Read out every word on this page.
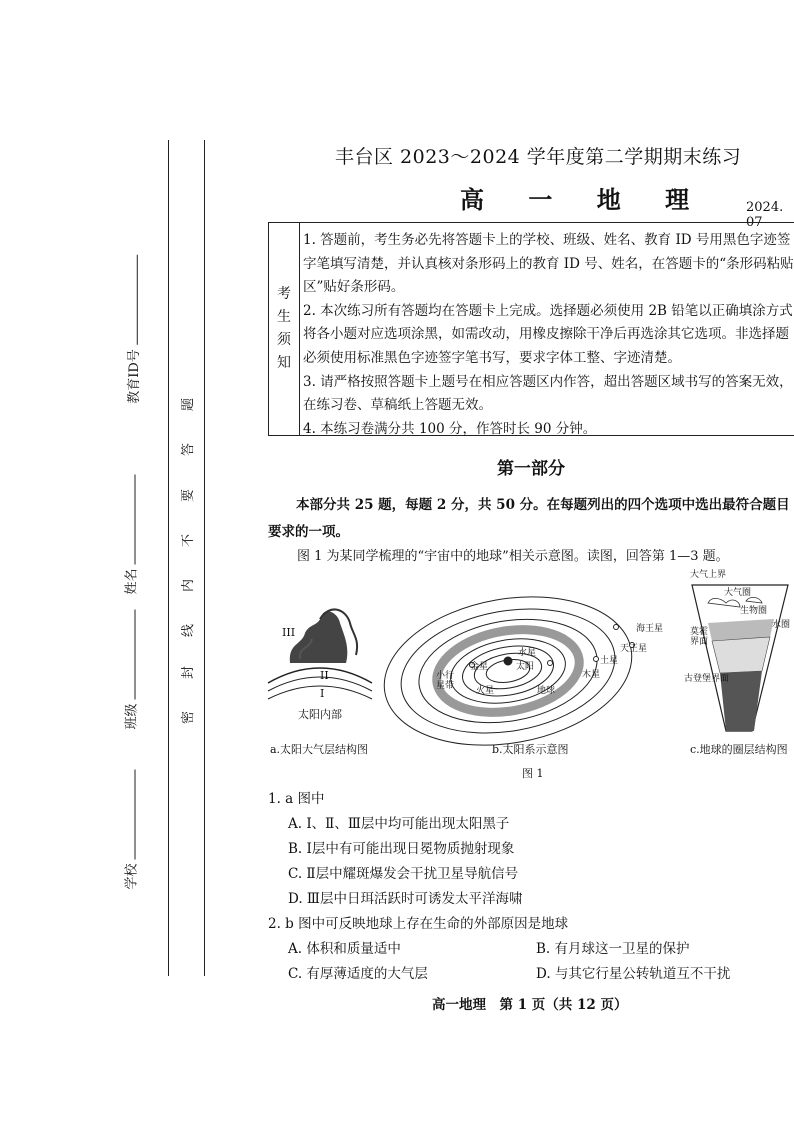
学校
班级
姓名
教育ID号
密
封
线
内
不
要
答
题
丰台区 2023～2024 学年度第二学期期末练习
高 一 地 理	2024. 07
考
生
须
知
1. 答题前，考生务必先将答题卡上的学校、班级、姓名、教育 ID 号用黑色字迹签字笔填写清楚，并认真核对条形码上的教育 ID 号、姓名，在答题卡的“条形码粘贴区”贴好条形码。
2. 本次练习所有答题均在答题卡上完成。选择题必须使用 2B 铅笔以正确填涂方式将各小题对应选项涂黑，如需改动，用橡皮擦除干净后再选涂其它选项。非选择题必须使用标准黑色字迹签字笔书写，要求字体工整、字迹清楚。
3. 请严格按照答题卡上题号在相应答题区内作答，超出答题区域书写的答案无效，在练习卷、草稿纸上答题无效。
4. 本练习卷满分共 100 分，作答时长 90 分钟。
第一部分
本部分共 25 题，每题 2 分，共 50 分。在每题列出的四个选项中选出最符合题目
要求的一项。
图 1 为某同学梳理的“宇宙中的地球”相关示意图。读图，回答第 1—3 题。
III
II
I
太阳内部
水星
太阳
金星
地球
火星
木星
土星
天王星
海王星
小行星带
大气上界
大气圈
生物圈
水圈
莫霍界面
古登堡界面
a.太阳大气层结构图	b.太阳系示意图	c.地球的圈层结构图
图 1
1. a 图中
A. Ⅰ、Ⅱ、Ⅲ层中均可能出现太阳黑子
B. Ⅰ层中有可能出现日冕物质抛射现象
C. Ⅱ层中耀斑爆发会干扰卫星导航信号
D. Ⅲ层中日珥活跃时可诱发太平洋海啸
2. b 图中可反映地球上存在生命的外部原因是地球
A. 体积和质量适中	B. 有月球这一卫星的保护
C. 有厚薄适度的大气层	D. 与其它行星公转轨道互不干扰
高一地理　第 1 页（共 12 页）
